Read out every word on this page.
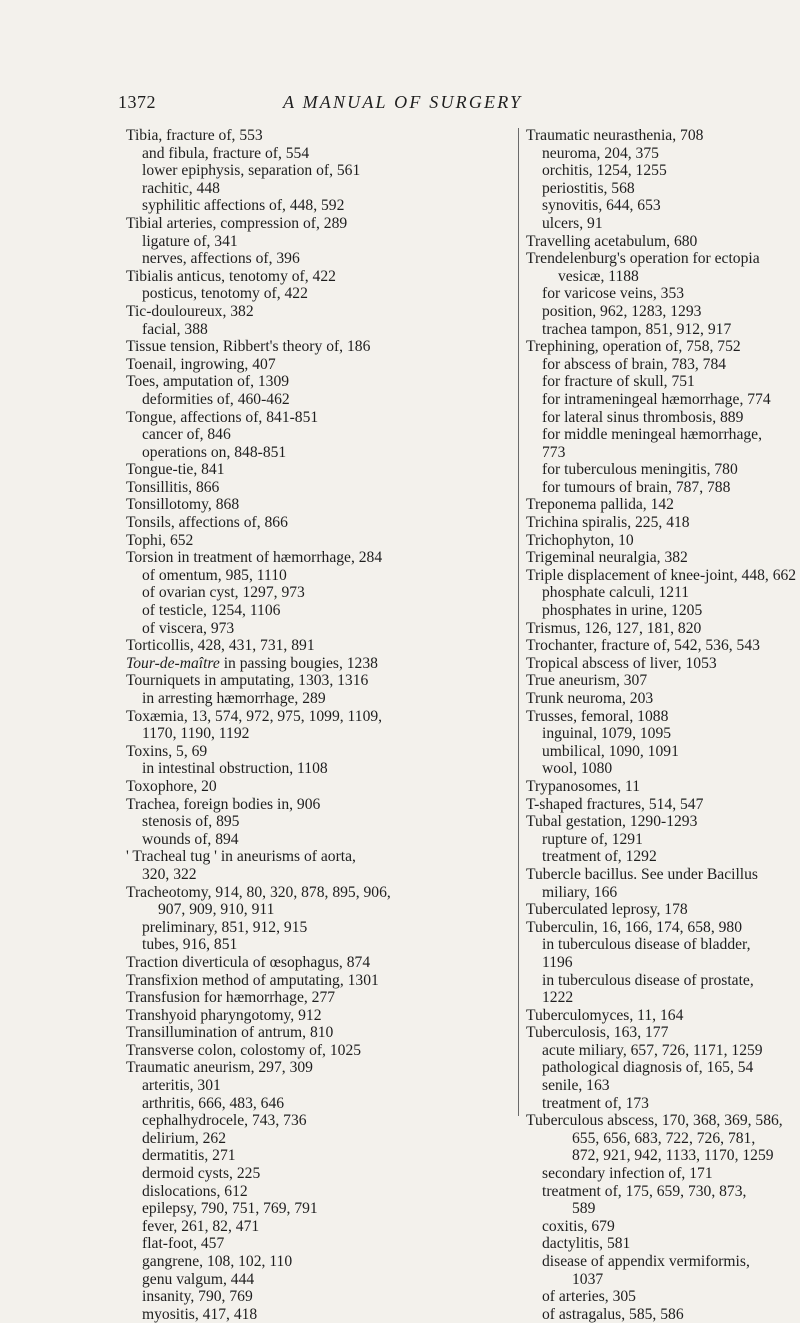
1372	A MANUAL OF SURGERY
Tibia, fracture of, 553
and fibula, fracture of, 554
lower epiphysis, separation of, 561
rachitic, 448
syphilitic affections of, 448, 592
Tibial arteries, compression of, 289
ligature of, 341
nerves, affections of, 396
Tibialis anticus, tenotomy of, 422
posticus, tenotomy of, 422
Tic-douloureux, 382
facial, 388
Tissue tension, Ribbert's theory of, 186
Toenail, ingrowing, 407
Toes, amputation of, 1309
deformities of, 460-462
Tongue, affections of, 841-851
cancer of, 846
operations on, 848-851
Tongue-tie, 841
Tonsillitis, 866
Tonsillotomy, 868
Tonsils, affections of, 866
Tophi, 652
Torsion in treatment of hæmorrhage, 284
of omentum, 985, 1110
of ovarian cyst, 1297, 973
of testicle, 1254, 1106
of viscera, 973
Torticollis, 428, 431, 731, 891
Tour-de-maître in passing bougies, 1238
Tourniquets in amputating, 1303, 1316
in arresting hæmorrhage, 289
Toxæmia, 13, 574, 972, 975, 1099, 1109,
1170, 1190, 1192
Toxins, 5, 69
in intestinal obstruction, 1108
Toxophore, 20
Trachea, foreign bodies in, 906
stenosis of, 895
wounds of, 894
' Tracheal tug ' in aneurisms of aorta,
320, 322
Tracheotomy, 914, 80, 320, 878, 895, 906,
907, 909, 910, 911
preliminary, 851, 912, 915
tubes, 916, 851
Traction diverticula of œsophagus, 874
Transfixion method of amputating, 1301
Transfusion for hæmorrhage, 277
Transhyoid pharyngotomy, 912
Transillumination of antrum, 810
Transverse colon, colostomy of, 1025
Traumatic aneurism, 297, 309
arteritis, 301
arthritis, 666, 483, 646
cephalhydrocele, 743, 736
delirium, 262
dermatitis, 271
dermoid cysts, 225
dislocations, 612
epilepsy, 790, 751, 769, 791
fever, 261, 82, 471
flat-foot, 457
gangrene, 108, 102, 110
genu valgum, 444
insanity, 790, 769
myositis, 417, 418
Traumatic neurasthenia, 708
neuroma, 204, 375
orchitis, 1254, 1255
periostitis, 568
synovitis, 644, 653
ulcers, 91
Travelling acetabulum, 680
Trendelenburg's operation for ectopia
vesicæ, 1188
for varicose veins, 353
position, 962, 1283, 1293
trachea tampon, 851, 912, 917
Trephining, operation of, 758, 752
for abscess of brain, 783, 784
for fracture of skull, 751
for intrameningeal hæmorrhage, 774
for lateral sinus thrombosis, 889
for middle meningeal hæmorrhage,
773
for tuberculous meningitis, 780
for tumours of brain, 787, 788
Treponema pallida, 142
Trichina spiralis, 225, 418
Trichophyton, 10
Trigeminal neuralgia, 382
Triple displacement of knee-joint, 448, 662
phosphate calculi, 1211
phosphates in urine, 1205
Trismus, 126, 127, 181, 820
Trochanter, fracture of, 542, 536, 543
Tropical abscess of liver, 1053
True aneurism, 307
Trunk neuroma, 203
Trusses, femoral, 1088
inguinal, 1079, 1095
umbilical, 1090, 1091
wool, 1080
Trypanosomes, 11
T-shaped fractures, 514, 547
Tubal gestation, 1290-1293
rupture of, 1291
treatment of, 1292
Tubercle bacillus. See under Bacillus
miliary, 166
Tuberculated leprosy, 178
Tuberculin, 16, 166, 174, 658, 980
in tuberculous disease of bladder,
1196
in tuberculous disease of prostate,
1222
Tuberculomyces, 11, 164
Tuberculosis, 163, 177
acute miliary, 657, 726, 1171, 1259
pathological diagnosis of, 165, 54
senile, 163
treatment of, 173
Tuberculous abscess, 170, 368, 369, 586,
655, 656, 683, 722, 726, 781,
872, 921, 942, 1133, 1170, 1259
secondary infection of, 171
treatment of, 175, 659, 730, 873,
589
coxitis, 679
dactylitis, 581
disease of appendix vermiformis,
1037
of arteries, 305
of astragalus, 585, 586
